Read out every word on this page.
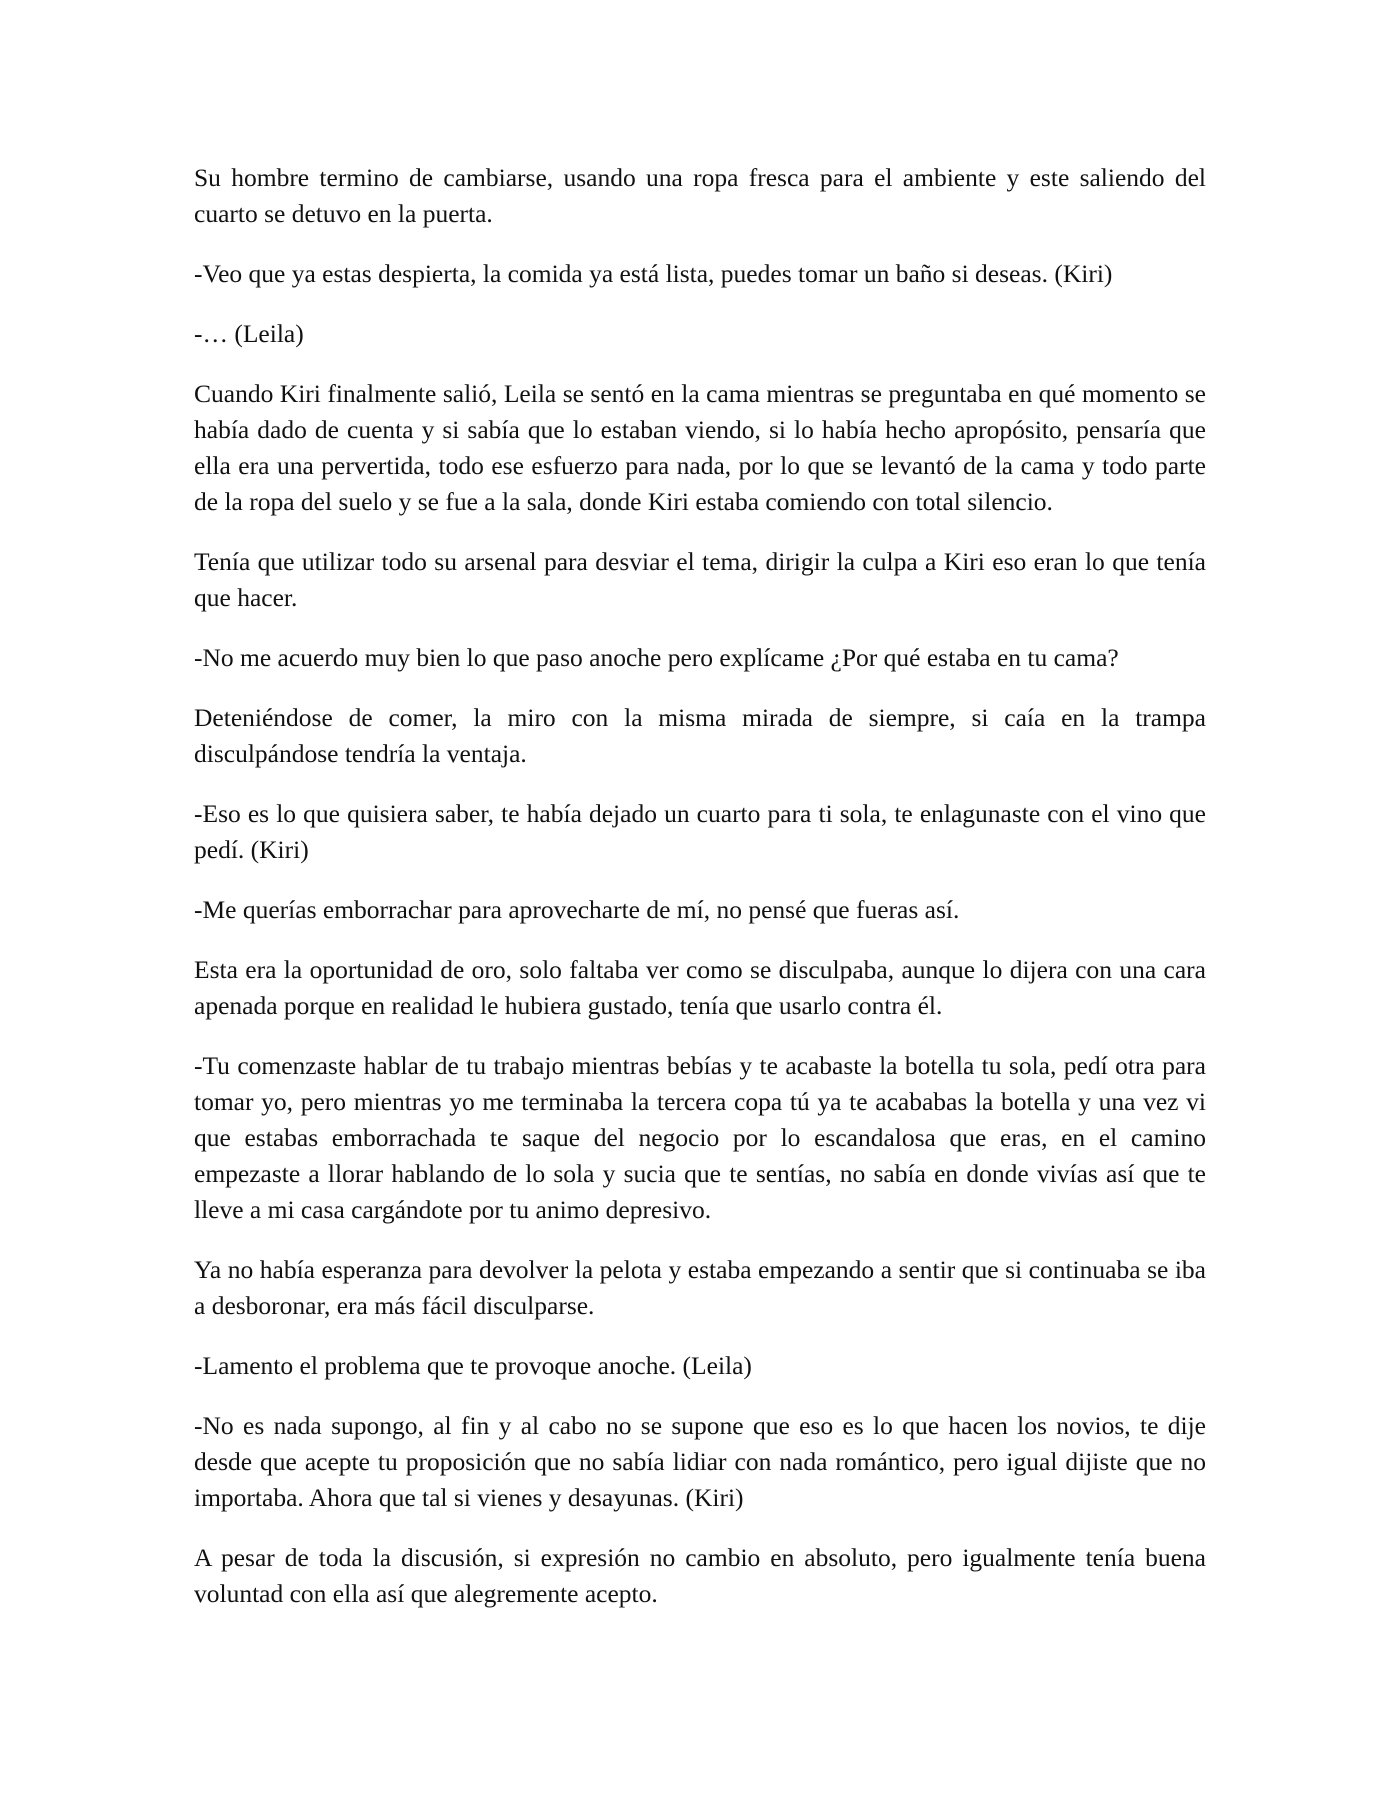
Su hombre termino de cambiarse, usando una ropa fresca para el ambiente y este saliendo del cuarto se detuvo en la puerta.

-Veo que ya estas despierta, la comida ya está lista, puedes tomar un baño si deseas. (Kiri)

-… (Leila)

Cuando Kiri finalmente salió, Leila se sentó en la cama mientras se preguntaba en qué momento se había dado de cuenta y si sabía que lo estaban viendo, si lo había hecho apropósito, pensaría que ella era una pervertida, todo ese esfuerzo para nada, por lo que se levantó de la cama y todo parte de la ropa del suelo y se fue a la sala, donde Kiri estaba comiendo con total silencio.

Tenía que utilizar todo su arsenal para desviar el tema, dirigir la culpa a Kiri eso eran lo que tenía que hacer.

-No me acuerdo muy bien lo que paso anoche pero explícame ¿Por qué estaba en tu cama?

Deteniéndose de comer, la miro con la misma mirada de siempre, si caía en la trampa disculpándose tendría la ventaja.

-Eso es lo que quisiera saber, te había dejado un cuarto para ti sola, te enlagunaste con el vino que pedí. (Kiri)

-Me querías emborrachar para aprovecharte de mí, no pensé que fueras así.

Esta era la oportunidad de oro, solo faltaba ver como se disculpaba, aunque lo dijera con una cara apenada porque en realidad le hubiera gustado, tenía que usarlo contra él.

-Tu comenzaste hablar de tu trabajo mientras bebías y te acabaste la botella tu sola, pedí otra para tomar yo, pero mientras yo me terminaba la tercera copa tú ya te acababas la botella y una vez vi que estabas emborrachada te saque del negocio por lo escandalosa que eras, en el camino empezaste a llorar hablando de lo sola y sucia que te sentías, no sabía en donde vivías así que te lleve a mi casa cargándote por tu animo depresivo.

Ya no había esperanza para devolver la pelota y estaba empezando a sentir que si continuaba se iba a desboronar, era más fácil disculparse.

-Lamento el problema que te provoque anoche. (Leila)

-No es nada supongo, al fin y al cabo no se supone que eso es lo que hacen los novios, te dije desde que acepte tu proposición que no sabía lidiar con nada romántico, pero igual dijiste que no importaba. Ahora que tal si vienes y desayunas. (Kiri)

A pesar de toda la discusión, si expresión no cambio en absoluto, pero igualmente tenía buena voluntad con ella así que alegremente acepto.
